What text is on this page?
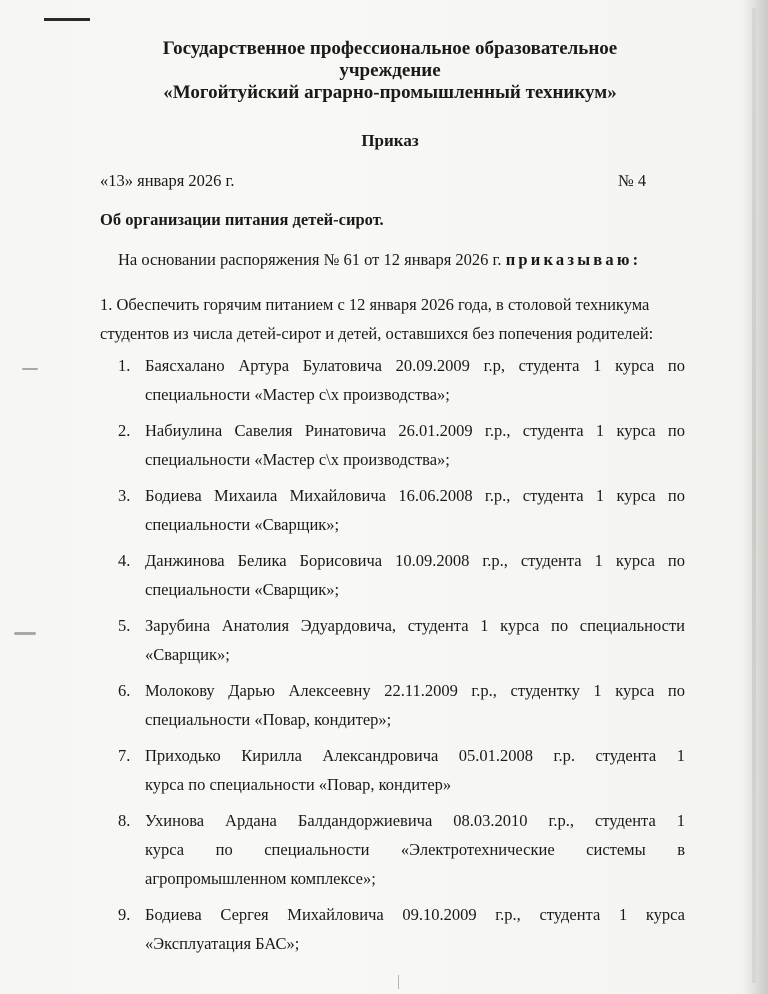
Государственное профессиональное образовательное
учреждение
«Могойтуйский аграрно-промышленный техникум»
Приказ
«13» января 2026 г.	№ 4
Об организации питания детей-сирот.
На основании распоряжения № 61 от 12 января 2026 г. приказываю:
1. Обеспечить горячим питанием с 12 января 2026 года, в столовой техникума
студентов из числа детей-сирот и детей, оставшихся без попечения родителей:
1. Баясхалано Артура Булатовича 20.09.2009 г.р, студента 1 курса по
специальности «Мастер с\х производства»;
2. Набиулина Савелия Ринатовича 26.01.2009 г.р., студента 1 курса по
специальности «Мастер с\х производства»;
3. Бодиева Михаила Михайловича 16.06.2008 г.р., студента 1 курса по
специальности «Сварщик»;
4. Данжинова Белика Борисовича 10.09.2008 г.р., студента 1 курса по
специальности «Сварщик»;
5. Зарубина Анатолия Эдуардовича, студента 1 курса по специальности
«Сварщик»;
6. Молокову Дарью Алексеевну 22.11.2009 г.р., студентку 1 курса по
специальности «Повар, кондитер»;
7. Приходько Кирилла Александровича 05.01.2008 г.р. студента 1
курса по специальности «Повар, кондитер»
8. Ухинова Ардана Балдандоржиевича 08.03.2010 г.р., студента 1
курса по специальности «Электротехнические системы в
агропромышленном комплексе»;
9. Бодиева Сергея Михайловича 09.10.2009 г.р., студента 1 курса
«Эксплуатация БАС»;
